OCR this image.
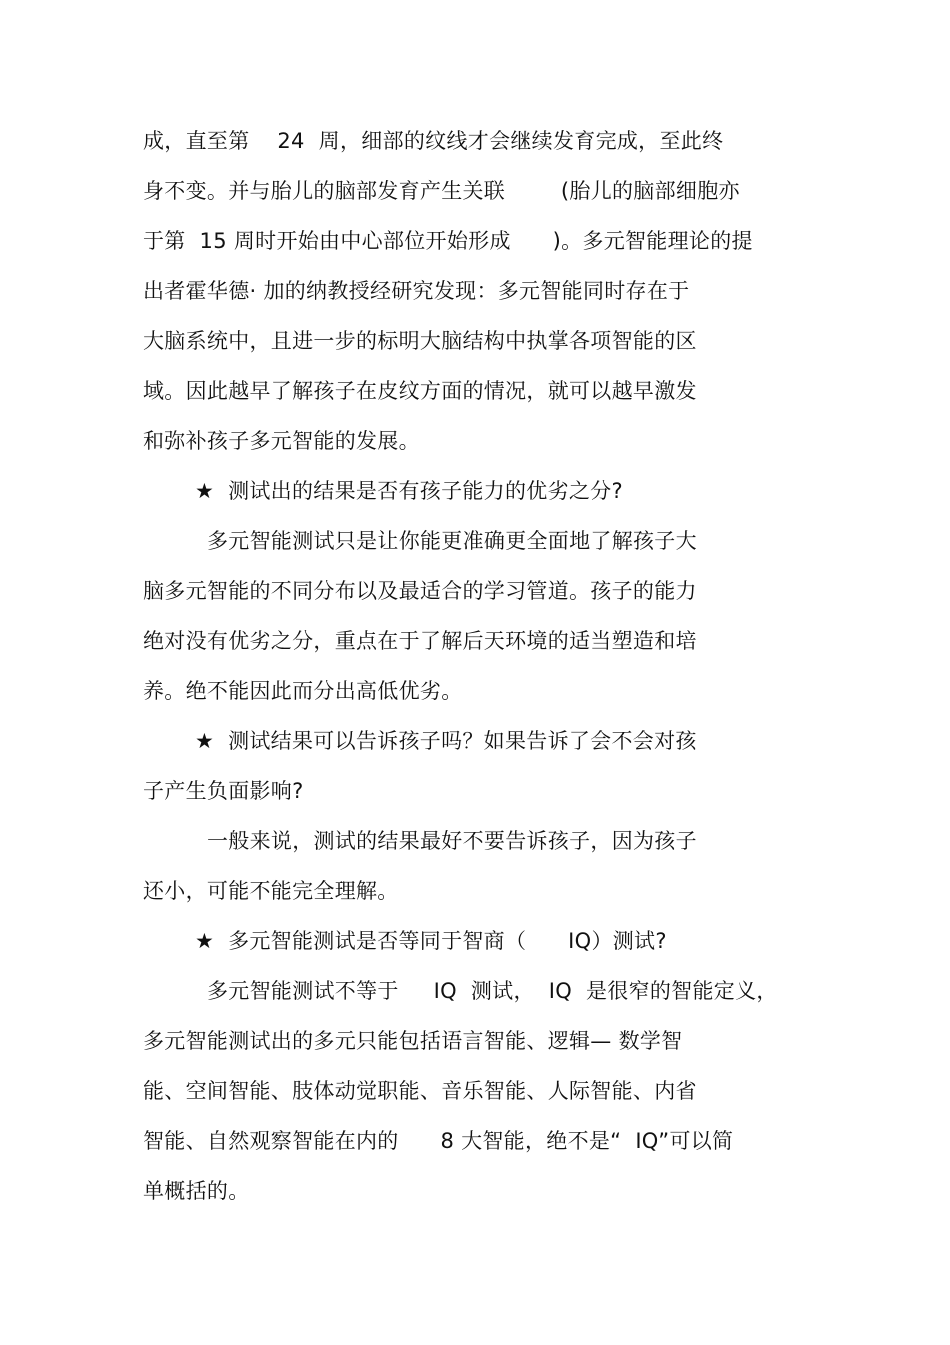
成，直至第    24  周，细部的纹线才会继续发育完成，至此终
身不变。并与胎儿的脑部发育产生关联        (胎儿的脑部细胞亦
于第  15 周时开始由中心部位开始形成      )。多元智能理论的提
出者霍华德· 加的纳教授经研究发现：多元智能同时存在于
大脑系统中，且进一步的标明大脑结构中执掌各项智能的区
域。因此越早了解孩子在皮纹方面的情况，就可以越早激发
和弥补孩子多元智能的发展。
★  测试出的结果是否有孩子能力的优劣之分?
多元智能测试只是让你能更准确更全面地了解孩子大
脑多元智能的不同分布以及最适合的学习管道。孩子的能力
绝对没有优劣之分，重点在于了解后天环境的适当塑造和培
养。绝不能因此而分出高低优劣。
★  测试结果可以告诉孩子吗？如果告诉了会不会对孩
子产生负面影响?
一般来说，测试的结果最好不要告诉孩子，因为孩子
还小，可能不能完全理解。
★  多元智能测试是否等同于智商（      IQ）测试?
多元智能测试不等于     IQ  测试，  IQ  是很窄的智能定义，
多元智能测试出的多元只能包括语言智能、逻辑— 数学智
能、空间智能、肢体动觉职能、音乐智能、人际智能、内省
智能、自然观察智能在内的      8 大智能，绝不是“  IQ”可以简
单概括的。
